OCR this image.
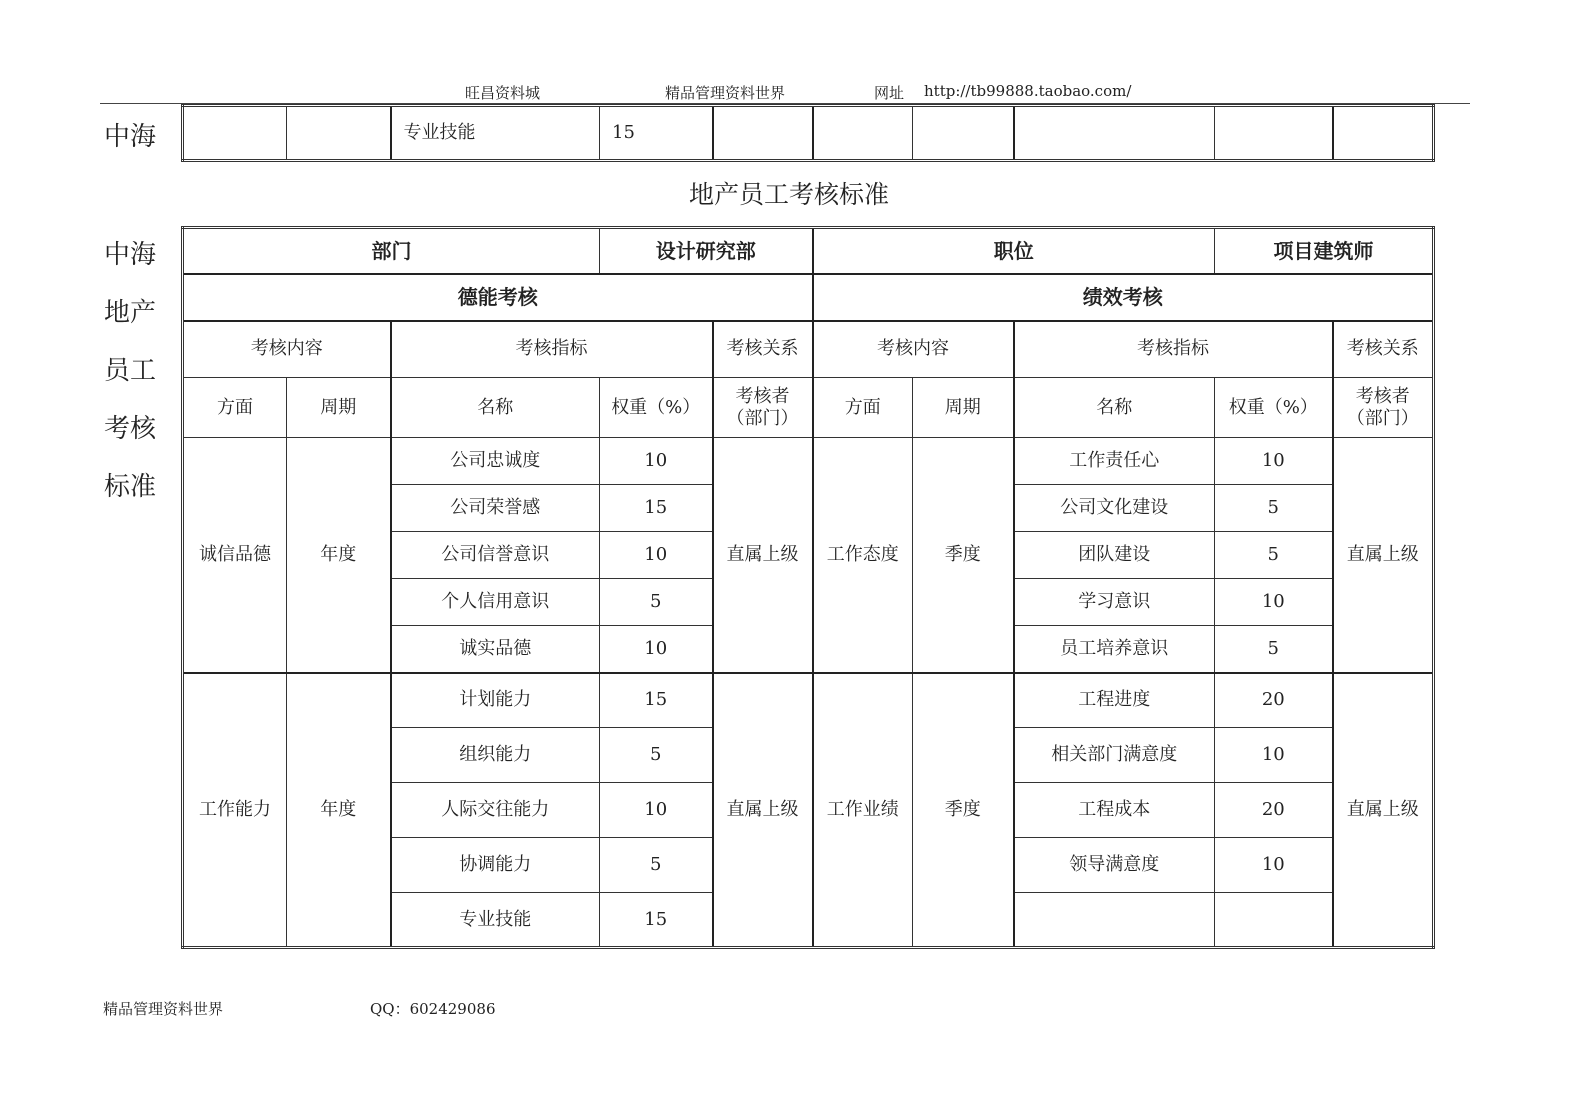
旺昌资料城	精品管理资料世界	网址 http://tb99888.taobao.com/
中海
			专业技能	15						
地产员工考核标准
中海
地产
员工
考核
标准
部门			设计研究部		职位			项目建筑师	
德能考核					绩效考核				
考核内容		考核指标		考核关系	考核内容		考核指标		考核关系
方面	周期	名称	权重（%）	考核者（部门）	方面	周期	名称	权重（%）	考核者（部门）

诚信品德	年度	公司忠诚度	10	直属上级	工作态度	季度	工作责任心	10	直属上级
		公司荣誉感	15				公司文化建设	5	
		公司信誉意识	10				团队建设	5	
		个人信用意识	5				学习意识	10	
		诚实品德	10				员工培养意识	5	
工作能力	年度	计划能力	15	直属上级	工作业绩	季度	工程进度	20	直属上级
		组织能力	5				相关部门满意度	10	
		人际交往能力	10				工程成本	20	
		协调能力	5				领导满意度	10	
		专业技能	15						
精品管理资料世界	QQ：602429086
